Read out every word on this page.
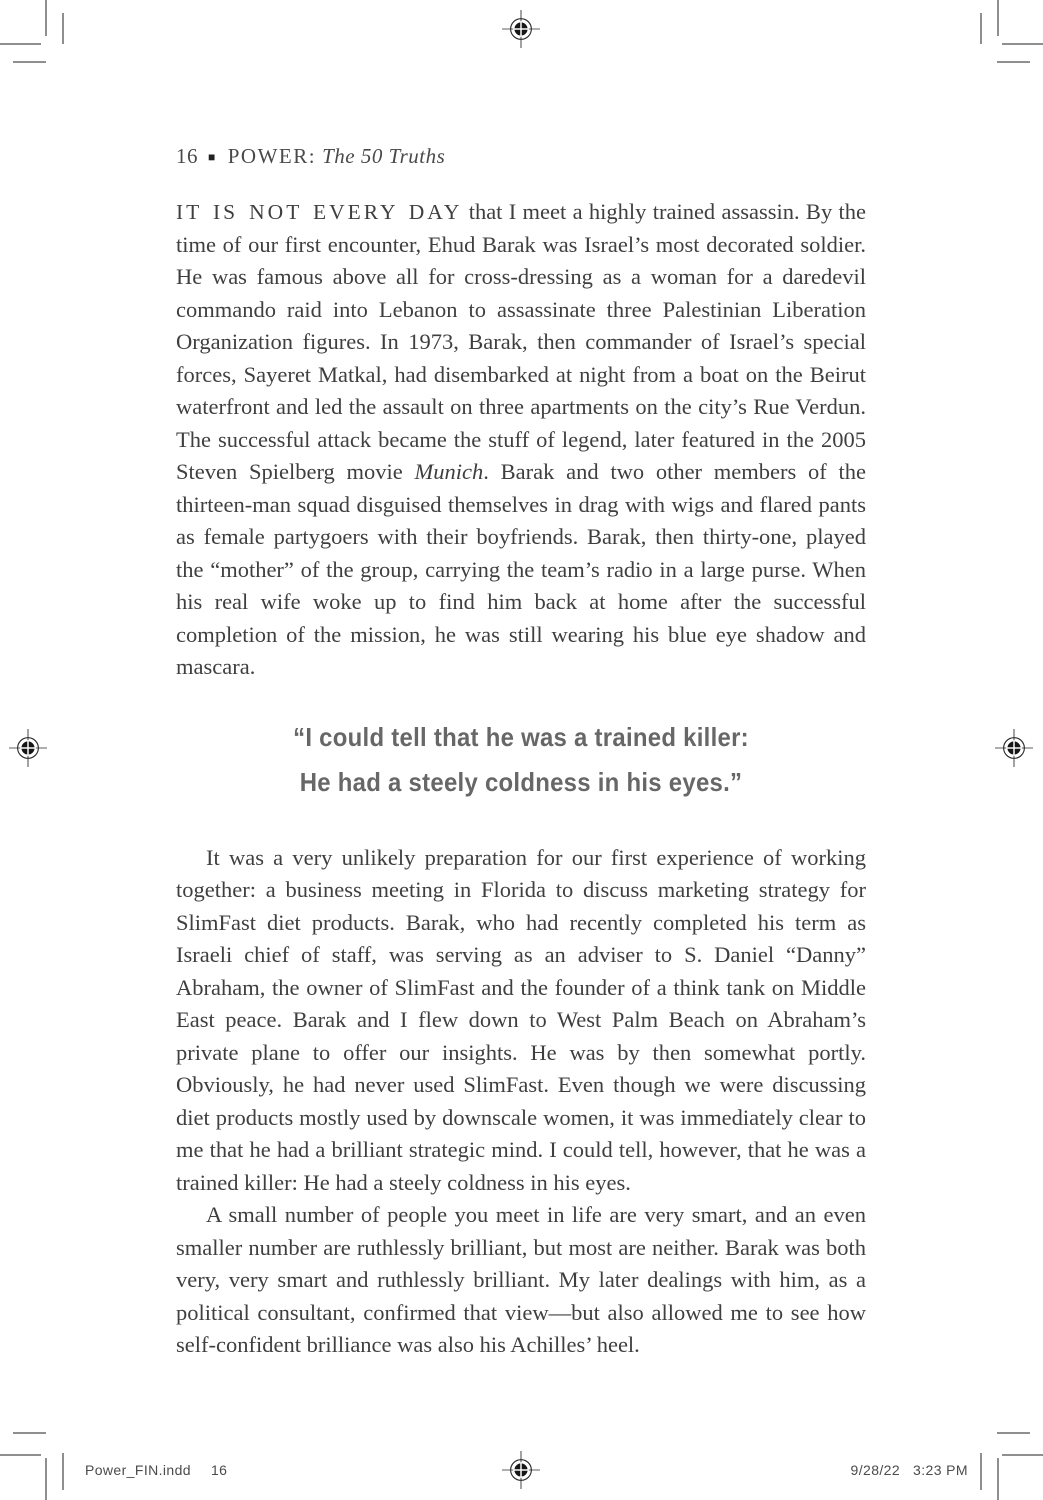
16 ■ POWER: The 50 Truths

IT IS NOT EVERY DAY that I meet a highly trained assassin. By the time of our first encounter, Ehud Barak was Israel’s most decorated soldier. He was famous above all for cross-dressing as a woman for a daredevil commando raid into Lebanon to assassinate three Palestinian Liberation Organization figures. In 1973, Barak, then commander of Israel’s special forces, Sayeret Matkal, had disembarked at night from a boat on the Beirut waterfront and led the assault on three apartments on the city’s Rue Verdun. The successful attack became the stuff of legend, later featured in the 2005 Steven Spielberg movie Munich. Barak and two other members of the thirteen-man squad disguised themselves in drag with wigs and flared pants as female partygoers with their boyfriends. Barak, then thirty-one, played the “mother” of the group, carrying the team’s radio in a large purse. When his real wife woke up to find him back at home after the successful completion of the mission, he was still wearing his blue eye shadow and mascara.

“I could tell that he was a trained killer:
He had a steely coldness in his eyes.”

It was a very unlikely preparation for our first experience of working together: a business meeting in Florida to discuss marketing strategy for SlimFast diet products. Barak, who had recently completed his term as Israeli chief of staff, was serving as an adviser to S. Daniel “Danny” Abraham, the owner of SlimFast and the founder of a think tank on Middle East peace. Barak and I flew down to West Palm Beach on Abraham’s private plane to offer our insights. He was by then somewhat portly. Obviously, he had never used SlimFast. Even though we were discussing diet products mostly used by downscale women, it was immediately clear to me that he had a brilliant strategic mind. I could tell, however, that he was a trained killer: He had a steely coldness in his eyes.

A small number of people you meet in life are very smart, and an even smaller number are ruthlessly brilliant, but most are neither. Barak was both very, very smart and ruthlessly brilliant. My later dealings with him, as a political consultant, confirmed that view—but also allowed me to see how self-confident brilliance was also his Achilles’ heel.

Power_FIN.indd 16	9/28/22 3:23 PM
